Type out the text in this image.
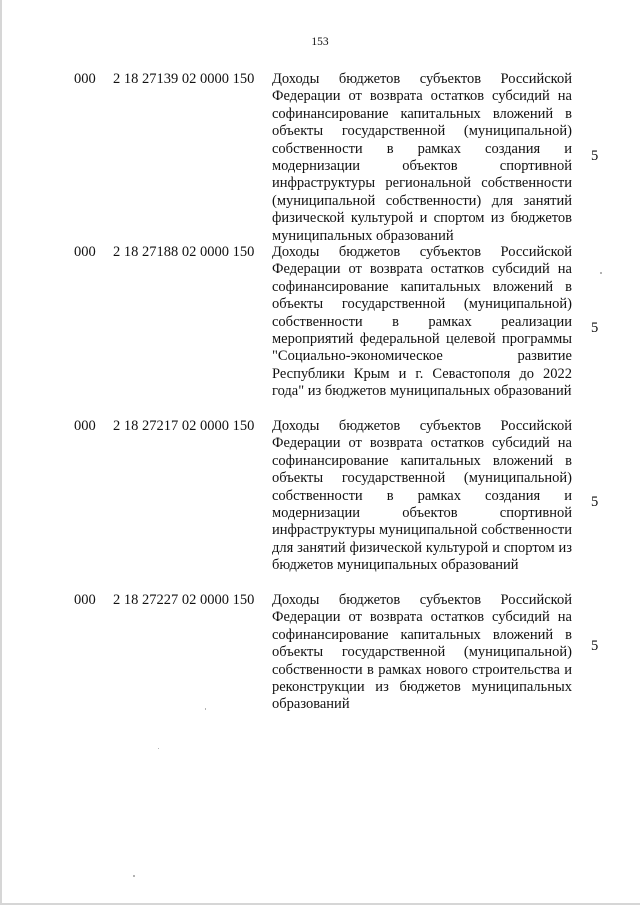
153
000 2 18 27139 02 0000 150 Доходы бюджетов субъектов Российской Федерации от возврата остатков субсидий на софинансирование капитальных вложений в объекты государственной (муниципальной) собственности в рамках создания и модернизации объектов спортивной инфраструктуры региональной собственности (муниципальной собственности) для занятий физической культурой и спортом из бюджетов муниципальных образований
5
000 2 18 27188 02 0000 150 Доходы бюджетов субъектов Российской Федерации от возврата остатков субсидий на софинансирование капитальных вложений в объекты государственной (муниципальной) собственности в рамках реализации мероприятий федеральной целевой программы "Социально-экономическое развитие Республики Крым и г. Севастополя до 2022 года" из бюджетов муниципальных образований
5
000 2 18 27217 02 0000 150 Доходы бюджетов субъектов Российской Федерации от возврата остатков субсидий на софинансирование капитальных вложений в объекты государственной (муниципальной) собственности в рамках создания и модернизации объектов спортивной инфраструктуры муниципальной собственности для занятий физической культурой и спортом из бюджетов муниципальных образований
5
000 2 18 27227 02 0000 150 Доходы бюджетов субъектов Российской Федерации от возврата остатков субсидий на софинансирование капитальных вложений в объекты государственной (муниципальной) собственности в рамках нового строительства и реконструкции из бюджетов муниципальных образований
5
